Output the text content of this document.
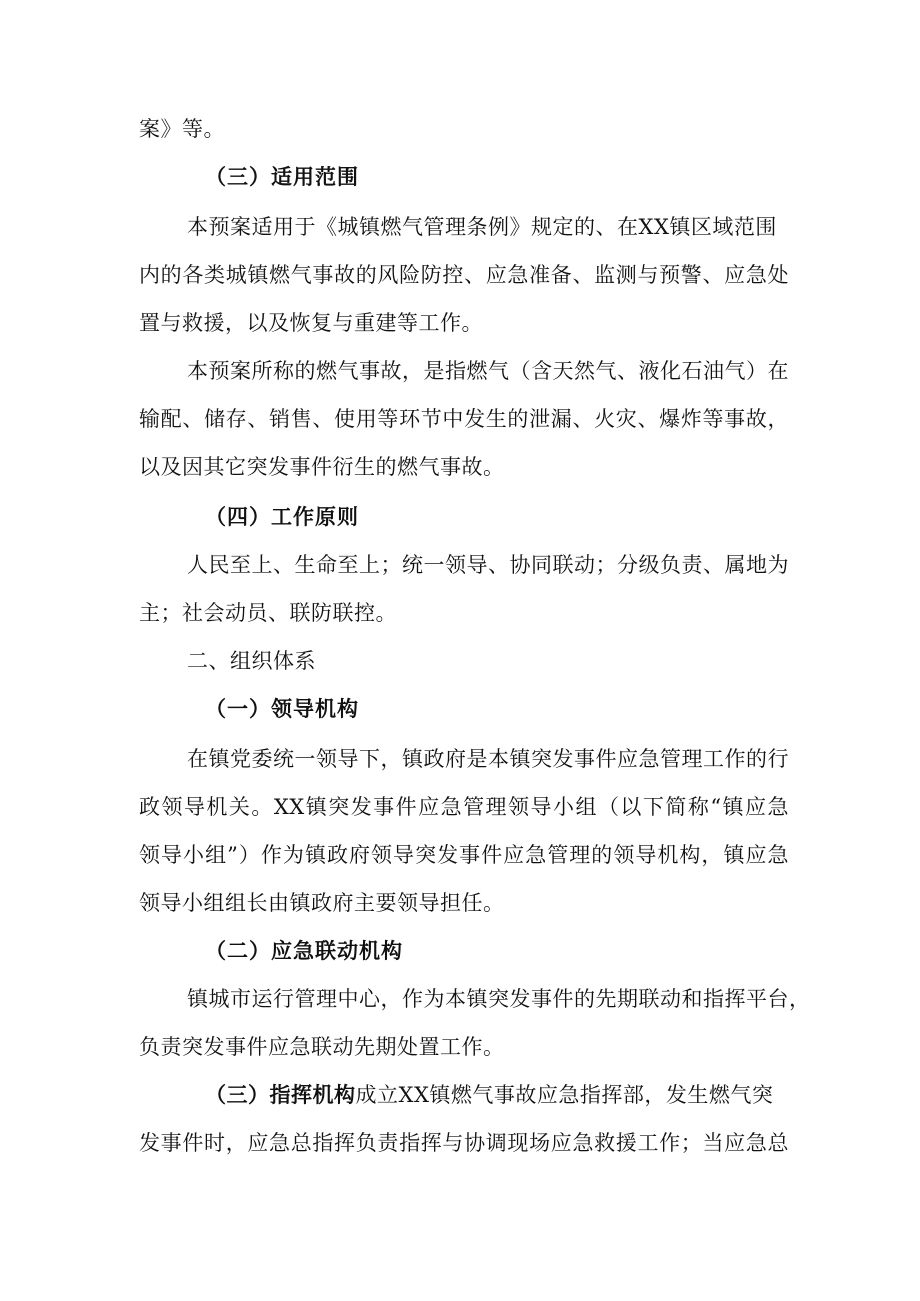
案》等。
（三）适用范围
本预案适用于《城镇燃气管理条例》规定的、在XX镇区域范围
内的各类城镇燃气事故的风险防控、应急准备、监测与预警、应急处
置与救援，以及恢复与重建等工作。
本预案所称的燃气事故，是指燃气（含天然气、液化石油气）在
输配、储存、销售、使用等环节中发生的泄漏、火灾、爆炸等事故，
以及因其它突发事件衍生的燃气事故。
（四）工作原则
人民至上、生命至上；统一领导、协同联动；分级负责、属地为
主；社会动员、联防联控。
二、组织体系
（一）领导机构
在镇党委统一领导下，镇政府是本镇突发事件应急管理工作的行
政领导机关。XX镇突发事件应急管理领导小组（以下简称“镇应急
领导小组”）作为镇政府领导突发事件应急管理的领导机构，镇应急
领导小组组长由镇政府主要领导担任。
（二）应急联动机构
镇城市运行管理中心，作为本镇突发事件的先期联动和指挥平台，
负责突发事件应急联动先期处置工作。
（三）指挥机构成立XX镇燃气事故应急指挥部，发生燃气突
发事件时，应急总指挥负责指挥与协调现场应急救援工作；当应急总
